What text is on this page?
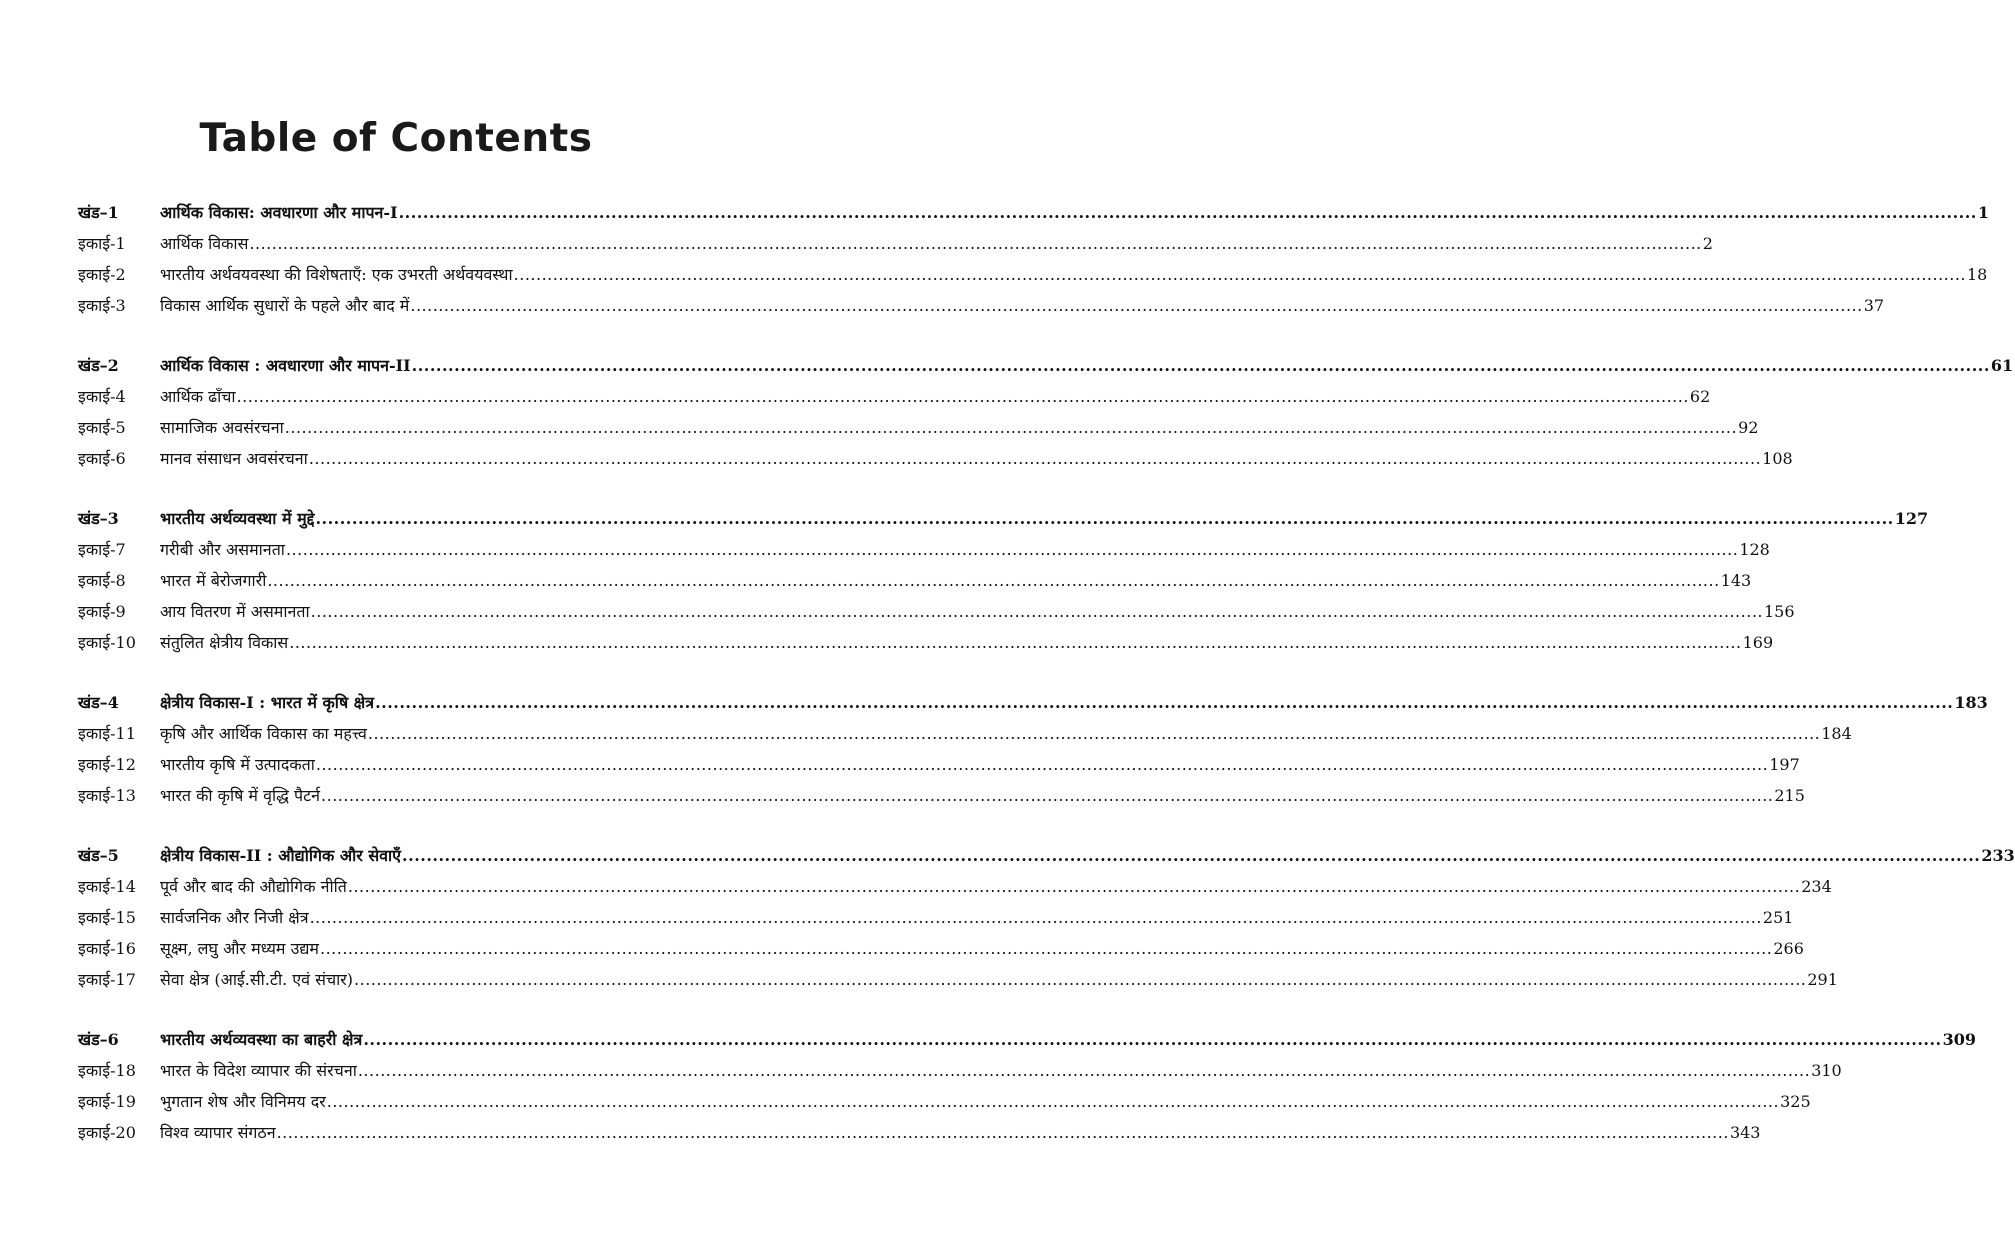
Table of Contents
खंड–1	आर्थिक विकास: अवधारणा और मापन-I .................................................................................................................................................................................................................................................................... 1
इकाई-1	आर्थिक विकास .................................................................................................................................................................................................................................................................... 2
इकाई-2	भारतीय अर्थवयवस्था की विशेषताएँ: एक उभरती अर्थवयवस्था .................................................................................................................................................................................................................................................................... 18
इकाई-3	विकास आर्थिक सुधारों के पहले और बाद में .................................................................................................................................................................................................................................................................... 37
खंड–2	आर्थिक विकास : अवधारणा और मापन-II .................................................................................................................................................................................................................................................................... 61
इकाई-4	आर्थिक ढाँचा .................................................................................................................................................................................................................................................................... 62
इकाई-5	सामाजिक अवसंरचना .................................................................................................................................................................................................................................................................... 92
इकाई-6	मानव संसाधन अवसंरचना .................................................................................................................................................................................................................................................................... 108
खंड–3	भारतीय अर्थव्यवस्था में मुद्दे .................................................................................................................................................................................................................................................................... 127
इकाई-7	गरीबी और असमानता .................................................................................................................................................................................................................................................................... 128
इकाई-8	भारत में बेरोजगारी .................................................................................................................................................................................................................................................................... 143
इकाई-9	आय वितरण में असमानता .................................................................................................................................................................................................................................................................... 156
इकाई-10	संतुलित क्षेत्रीय विकास .................................................................................................................................................................................................................................................................... 169
खंड–4	क्षेत्रीय विकास-I : भारत में कृषि क्षेत्र .................................................................................................................................................................................................................................................................... 183
इकाई-11	कृषि और आर्थिक विकास का महत्त्व .................................................................................................................................................................................................................................................................... 184
इकाई-12	भारतीय कृषि में उत्पादकता .................................................................................................................................................................................................................................................................... 197
इकाई-13	भारत की कृषि में वृद्धि पैटर्न .................................................................................................................................................................................................................................................................... 215
खंड–5	क्षेत्रीय विकास-II : औद्योगिक और सेवाएँ .................................................................................................................................................................................................................................................................... 233
इकाई-14	पूर्व और बाद की औद्योगिक नीति .................................................................................................................................................................................................................................................................... 234
इकाई-15	सार्वजनिक और निजी क्षेत्र .................................................................................................................................................................................................................................................................... 251
इकाई-16	सूक्ष्म, लघु और मध्यम उद्यम .................................................................................................................................................................................................................................................................... 266
इकाई-17	सेवा क्षेत्र (आई.सी.टी. एवं संचार) .................................................................................................................................................................................................................................................................... 291
खंड–6	भारतीय अर्थव्यवस्था का बाहरी क्षेत्र .................................................................................................................................................................................................................................................................... 309
इकाई-18	भारत के विदेश व्यापार की संरचना .................................................................................................................................................................................................................................................................... 310
इकाई-19	भुगतान शेष और विनिमय दर .................................................................................................................................................................................................................................................................... 325
इकाई-20	विश्व व्यापार संगठन .................................................................................................................................................................................................................................................................... 343
